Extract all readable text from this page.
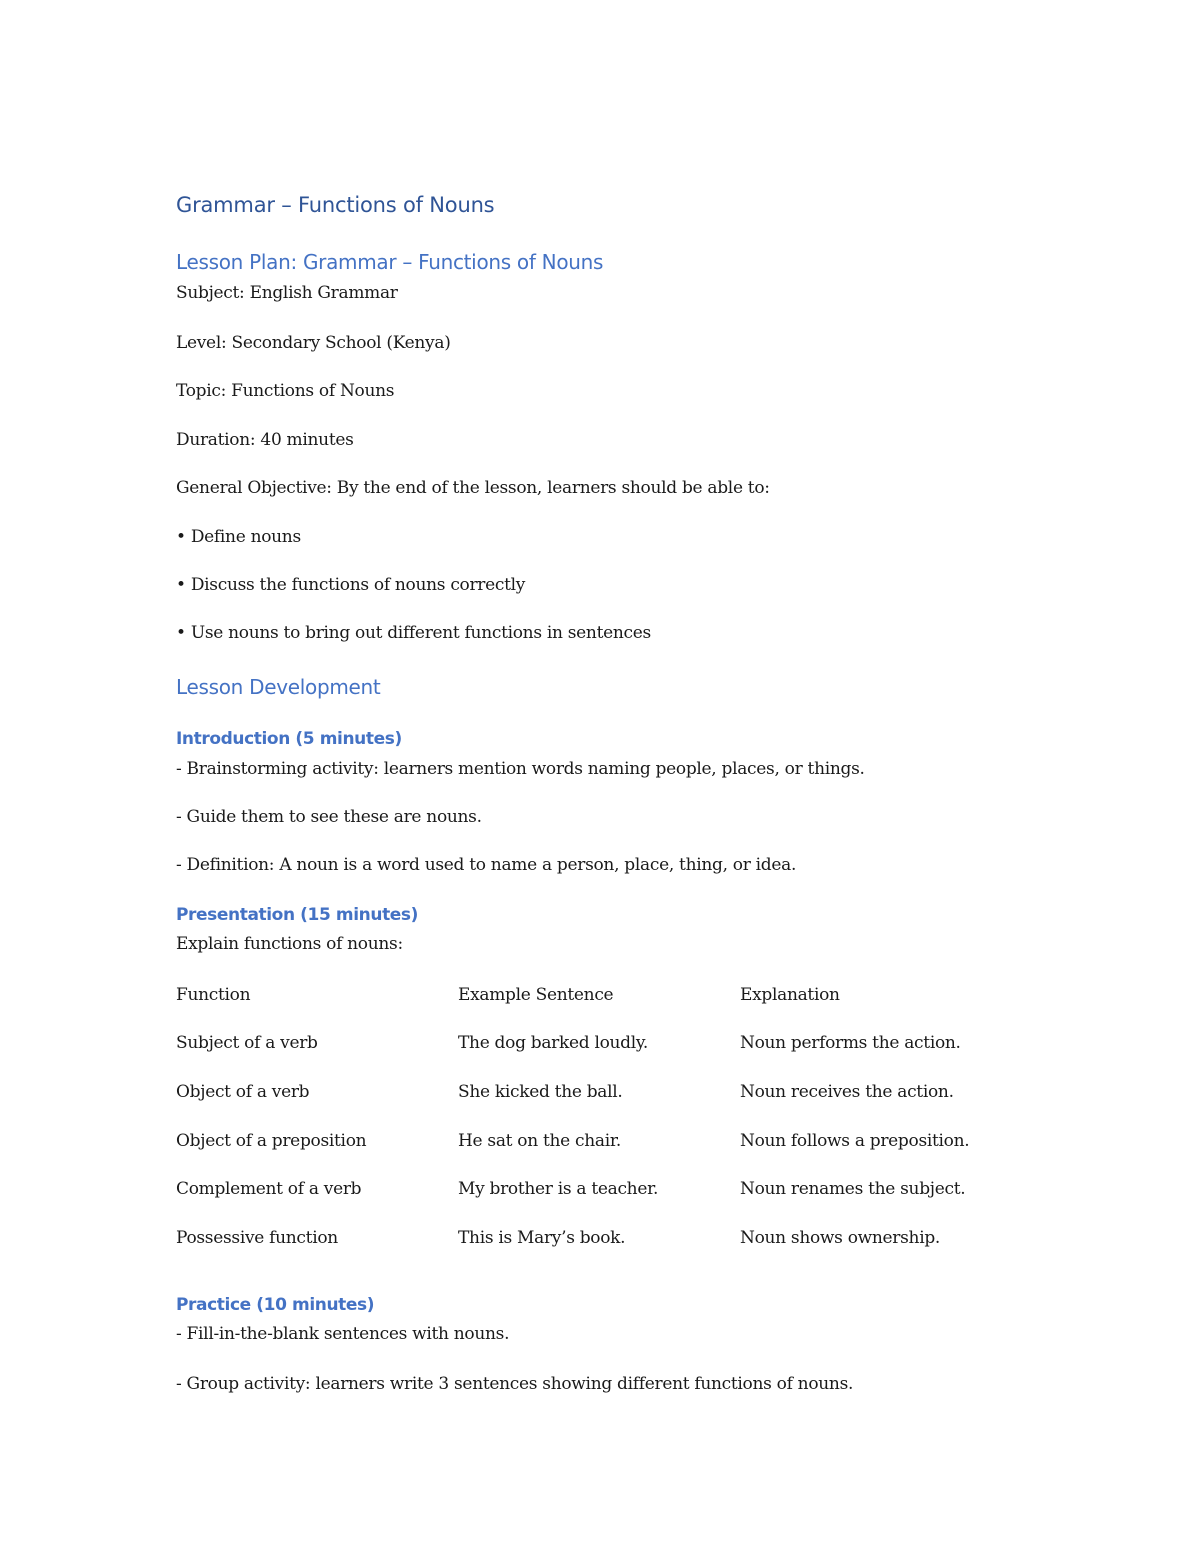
Grammar – Functions of Nouns
Lesson Plan: Grammar – Functions of Nouns
Subject: English Grammar
Level: Secondary School (Kenya)
Topic: Functions of Nouns
Duration: 40 minutes
General Objective: By the end of the lesson, learners should be able to:
• Define nouns
• Discuss the functions of nouns correctly
• Use nouns to bring out different functions in sentences
Lesson Development
Introduction (5 minutes)
- Brainstorming activity: learners mention words naming people, places, or things.
- Guide them to see these are nouns.
- Definition: A noun is a word used to name a person, place, thing, or idea.
Presentation (15 minutes)
Explain functions of nouns:
Function	Example Sentence	Explanation
Subject of a verb	The dog barked loudly.	Noun performs the action.
Object of a verb	She kicked the ball.	Noun receives the action.
Object of a preposition	He sat on the chair.	Noun follows a preposition.
Complement of a verb	My brother is a teacher.	Noun renames the subject.
Possessive function	This is Mary’s book.	Noun shows ownership.
Practice (10 minutes)
- Fill-in-the-blank sentences with nouns.
- Group activity: learners write 3 sentences showing different functions of nouns.
